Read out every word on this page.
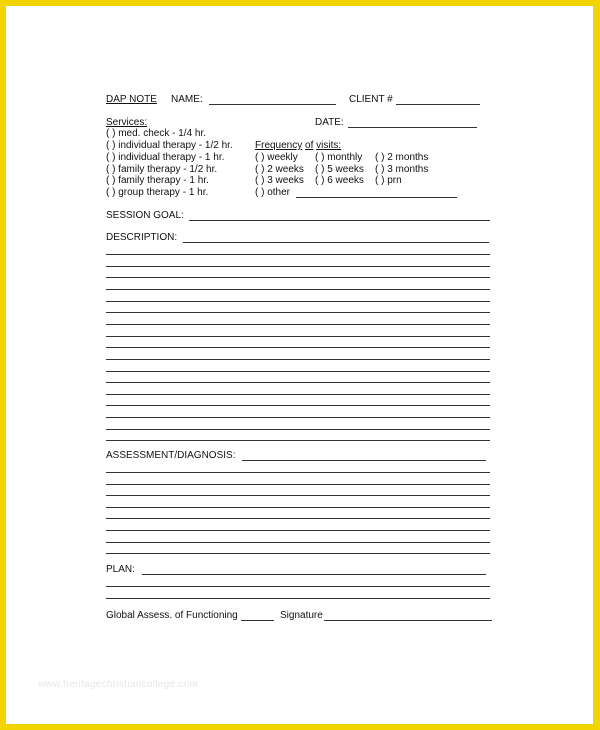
DAP NOTE NAME:	CLIENT #
Services:	DATE:
( ) med. check - 1/4 hr.
( ) individual therapy - 1/2 hr.
( ) individual therapy - 1 hr.
( ) family therapy - 1/2 hr.
( ) family therapy - 1 hr.
( ) group therapy - 1 hr.
Frequency of visits:
( ) weekly ( ) monthly ( ) 2 months
( ) 2 weeks ( ) 5 weeks ( ) 3 months
( ) 3 weeks ( ) 6 weeks ( ) prn
( ) other
SESSION GOAL:
DESCRIPTION:
ASSESSMENT/DIAGNOSIS:
PLAN:
Global Assess. of Functioning	Signature
www.heritagechristiancollege.com
